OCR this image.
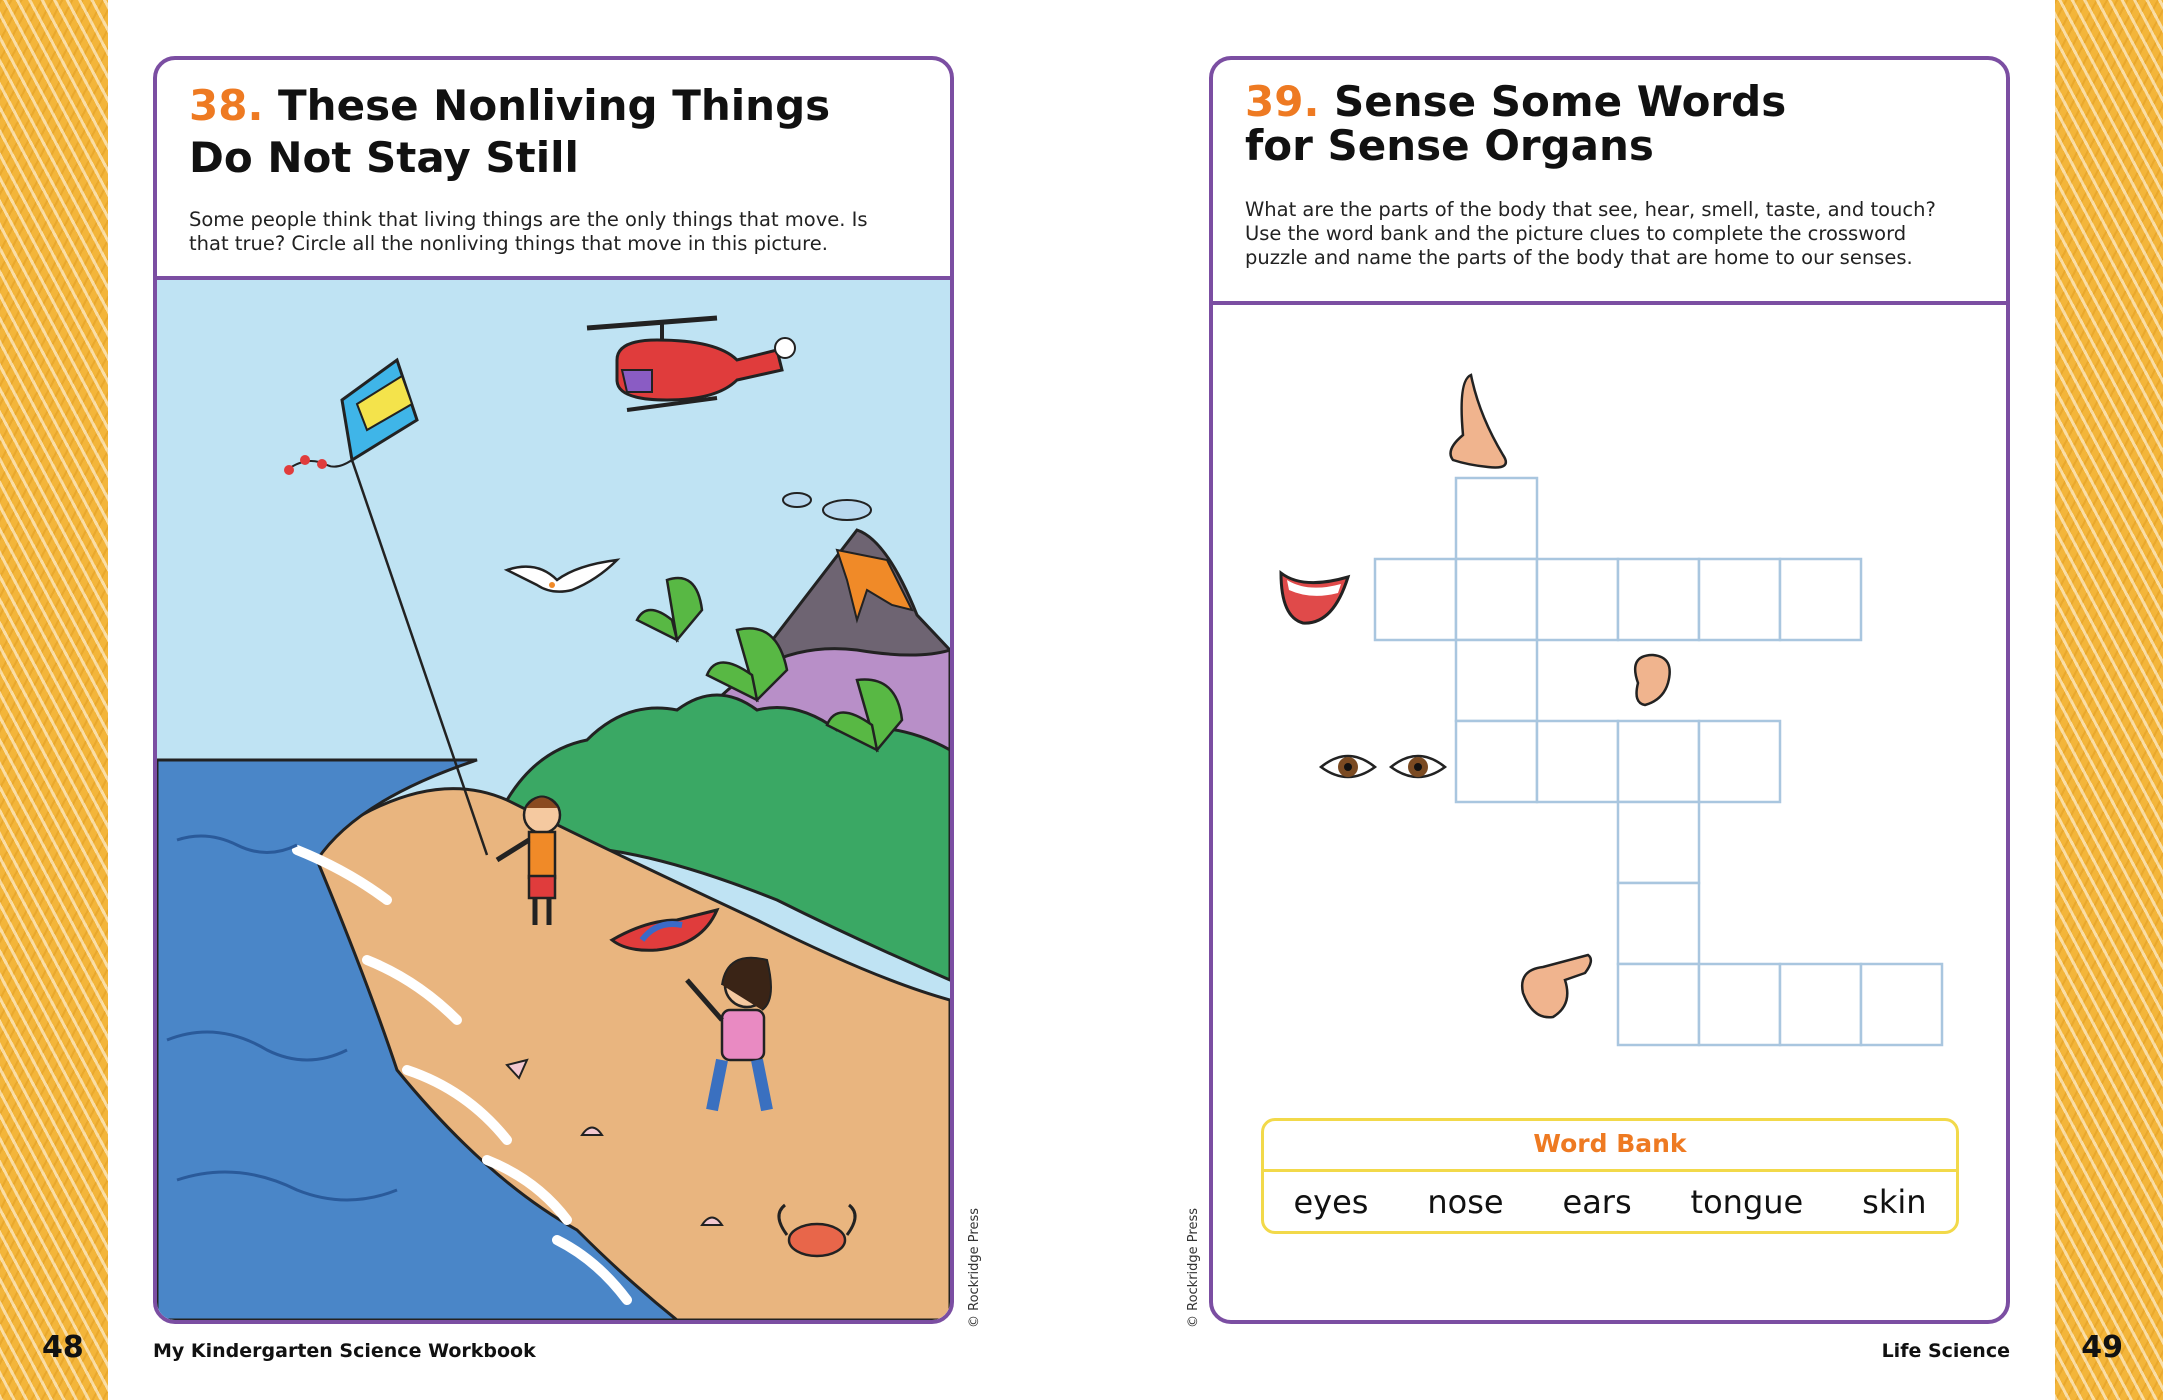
38. These Nonliving Things
Do Not Stay Still
Some people think that living things are the only things that move. Is that true? Circle all the nonliving things that move in this picture.
© Rockridge Press
39. Sense Some Words
for Sense Organs
What are the parts of the body that see, hear, smell, taste, and touch? Use the word bank and the picture clues to complete the crossword puzzle and name the parts of the body that are home to our senses.
Word Bank
eyes nose ears tongue skin
© Rockridge Press
48	My Kindergarten Science Workbook	Life Science 49
